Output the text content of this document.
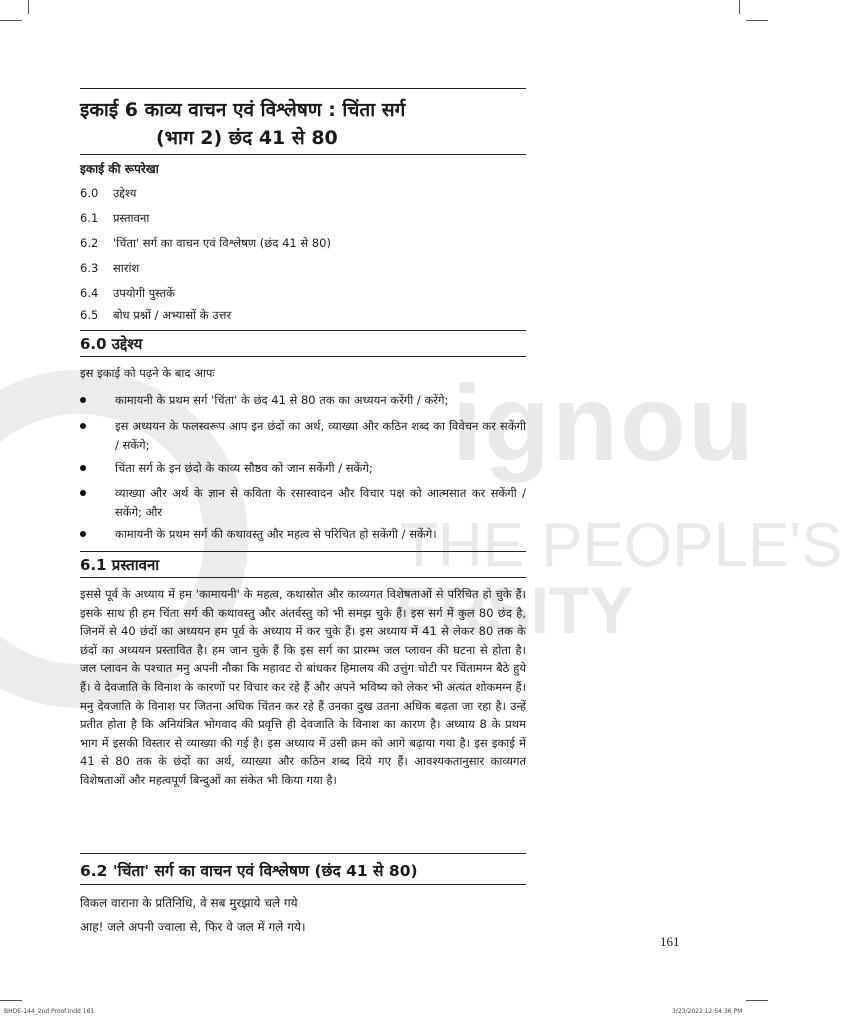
ignou
THE PEOPLE'S
ERSITY
इकाई 6 काव्य वाचन एवं विश्लेषण : चिंता सर्ग
(भाग 2) छंद 41 से 80
इकाई की रूपरेखा
6.0 उद्देश्य
6.1 प्रस्तावना
6.2 'चिंता' सर्ग का वाचन एवं विश्लेषण (छंद 41 से 80)
6.3 सारांश
6.4 उपयोगी पुस्तकें
6.5 बोध प्रश्नों / अभ्यासों के उत्तर
6.0 उद्देश्य
इस इकाई को पढ़ने के बाद आपः
कामायनी के प्रथम सर्ग 'चिंता' के छंद 41 से 80 तक का अध्ययन करेंगी / करेंगे;
इस अध्ययन के फलस्वरूप आप इन छंदों का अर्थ, व्याख्या और कठिन शब्द का विवेचन कर सकेंगी / सकेंगे;
चिंता सर्ग के इन छंदो के काव्य सौष्ठव को जान सकेंगी / सकेंगे;
व्याख्या और अर्थ के ज्ञान से कविता के रसास्वादन और विचार पक्ष को आत्मसात कर सकेंगी / सकेंगे; और
कामायनी के प्रथम सर्ग की कथावस्तु और महत्व से परिचित हो सकेंगी / सकेंगे।
6.1 प्रस्तावना
इससे पूर्व के अध्याय में हम 'कामायनी' के महत्व, कथास्रोत और काव्यगत विशेषताओं से परिचित हो चुके हैं। इसके साथ ही हम चिंता सर्ग की कथावस्तु और अंतर्वस्तु को भी समझ चुके हैं। इस सर्ग में कुल 80 छंद है, जिनमें से 40 छंदों का अध्ययन हम पूर्व के अध्याय में कर चुके हैं। इस अध्याय में 41 से लेकर 80 तक के छंदों का अध्ययन प्रस्तावित है। हम जान चुके हैं कि इस सर्ग का प्रारम्भ जल प्लावन की घटना से होता है। जल प्लावन के पश्चात मनु अपनी नौका कि महावट रो बांधकर हिमालय की उत्तुंग चोटी पर चिंतामग्न बैठे हुये हैं। वे देवजाति के विनाश के कारणों पर विचार कर रहे हैं और अपने भविष्य को लेकर भी अत्यंत शोकमग्न हैं। मनु देवजाति के विनाश पर जितना अधिक चिंतन कर रहे हैं उनका दुख उतना अधिक बढ़ता जा रहा है। उन्हें प्रतीत होता है कि अनियंत्रित भोगवाद की प्रवृत्ति ही देवजाति के विनाश का कारण है। अध्याय 8 के प्रथम भाग में इसकी विस्तार से व्याख्या की गई है। इस अध्याय में उसी क्रम को आगे बढ़ाया गया है। इस इकाई में 41 से 80 तक के छंदों का अर्थ, व्याख्या और कठिन शब्द दिये गए हैं। आवश्यकतानुसार काव्यगत विशेषताओं और महत्वपूर्ण बिन्दुओं का संकेत भी किया गया है।
6.2 'चिंता' सर्ग का वाचन एवं विश्लेषण (छंद 41 से 80)
विकल वाराना के प्रतिनिधि, वे सब मुरझाये चले गये
आह! जले अपनी ज्वाला से, फिर वे जल में गले गये।
161
BHDE-144_2nd Proof.indd 161	3/23/2022 12:54:36 PM
